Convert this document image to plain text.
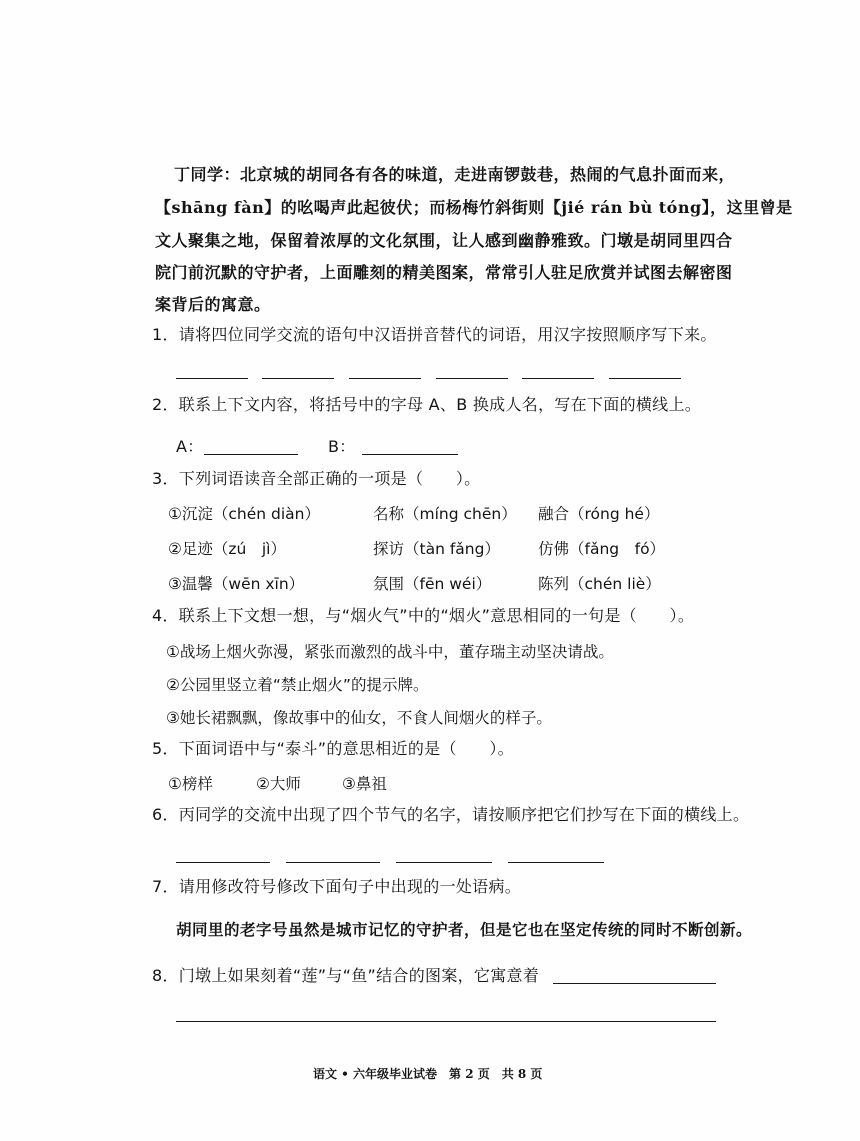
丁同学：北京城的胡同各有各的味道，走进南锣鼓巷，热闹的气息扑面而来，
【shāng fàn】的吆喝声此起彼伏；而杨梅竹斜街则【jié rán bù tóng】，这里曾是
文人聚集之地，保留着浓厚的文化氛围，让人感到幽静雅致。门墩是胡同里四合
院门前沉默的守护者，上面雕刻的精美图案，常常引人驻足欣赏并试图去解密图
案背后的寓意。
1．请将四位同学交流的语句中汉语拼音替代的词语，用汉字按照顺序写下来。
2．联系上下文内容，将括号中的字母 A、B 换成人名，写在下面的横线上。
A：	B：
3．下列词语读音全部正确的一项是（　　）。
①沉淀（chén diàn）	名称（míng chēn） 融合（róng hé）
②足迹（zú　jì）	探访（tàn fǎng） 仿佛（fǎng　fó）
③温馨（wēn xīn）	氛围（fēn wéi）	陈列（chén liè）
4．联系上下文想一想，与“烟火气”中的“烟火”意思相同的一句是（　　）。
①战场上烟火弥漫，紧张而激烈的战斗中，董存瑞主动坚决请战。
②公园里竖立着“禁止烟火”的提示牌。
③她长裙飘飘，像故事中的仙女，不食人间烟火的样子。
5．下面词语中与“泰斗”的意思相近的是（　　）。
①榜样	②大师	③鼻祖
6．丙同学的交流中出现了四个节气的名字，请按顺序把它们抄写在下面的横线上。
7．请用修改符号修改下面句子中出现的一处语病。
胡同里的老字号虽然是城市记忆的守护者，但是它也在坚定传统的同时不断创新。
8．门墩上如果刻着“莲”与“鱼”结合的图案，它寓意着
语文 • 六年级毕业试卷　第 2 页　共 8 页
